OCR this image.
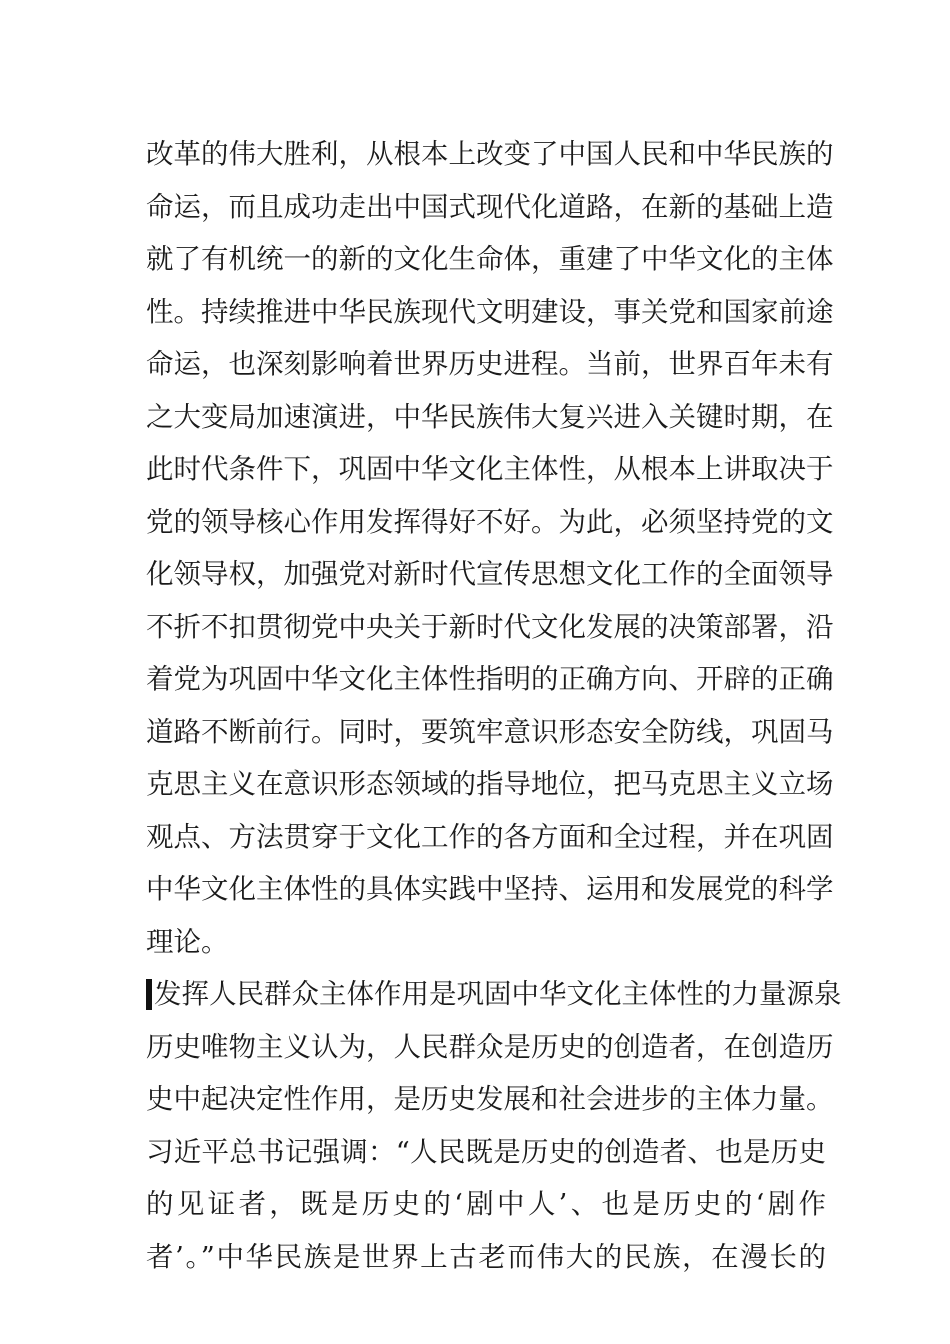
改革的伟大胜利，从根本上改变了中国人民和中华民族的
命运，而且成功走出中国式现代化道路，在新的基础上造
就了有机统一的新的文化生命体，重建了中华文化的主体
性。持续推进中华民族现代文明建设，事关党和国家前途
命运，也深刻影响着世界历史进程。当前，世界百年未有
之大变局加速演进，中华民族伟大复兴进入关键时期，在
此时代条件下，巩固中华文化主体性，从根本上讲取决于
党的领导核心作用发挥得好不好。为此，必须坚持党的文
化领导权，加强党对新时代宣传思想文化工作的全面领导
不折不扣贯彻党中央关于新时代文化发展的决策部署，沿
着党为巩固中华文化主体性指明的正确方向、开辟的正确
道路不断前行。同时，要筑牢意识形态安全防线，巩固马
克思主义在意识形态领域的指导地位，把马克思主义立场
观点、方法贯穿于文化工作的各方面和全过程，并在巩固
中华文化主体性的具体实践中坚持、运用和发展党的科学
理论。
发挥人民群众主体作用是巩固中华文化主体性的力量源泉
历史唯物主义认为，人民群众是历史的创造者，在创造历
史中起决定性作用，是历史发展和社会进步的主体力量。
习近平总书记强调：“人民既是历史的创造者、也是历史
的见证者，既是历史的‘剧中人’、也是历史的‘剧作
者’。”中华民族是世界上古老而伟大的民族，在漫长的
